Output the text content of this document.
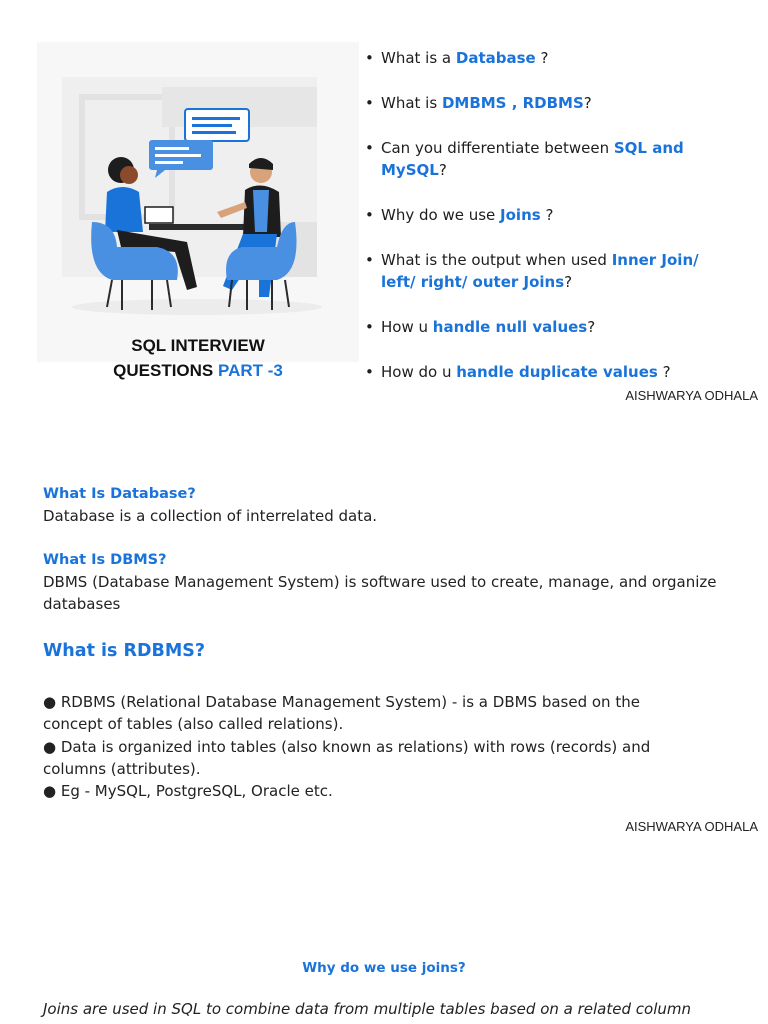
SQL INTERVIEW
QUESTIONS PART -3
• What is a Database ?
• What is DMBMS , RDBMS?
• Can you differentiate between SQL and MySQL?
• Why do we use Joins ?
• What is the output when used Inner Join/ left/ right/ outer Joins?
• How u handle null values?
• How do u handle duplicate values ?
AISHWARYA ODHALA
What Is Database?
Database is a collection of interrelated data.
What Is DBMS?
DBMS (Database Management System) is software used to create, manage, and organize databases
What is RDBMS?
● RDBMS (Relational Database Management System) - is a DBMS based on the concept of tables (also called relations).
● Data is organized into tables (also known as relations) with rows (records) and columns (attributes).
● Eg - MySQL, PostgreSQL, Oracle etc.
AISHWARYA ODHALA
Why do we use joins?
Joins are used in SQL to combine data from multiple tables based on a related column
